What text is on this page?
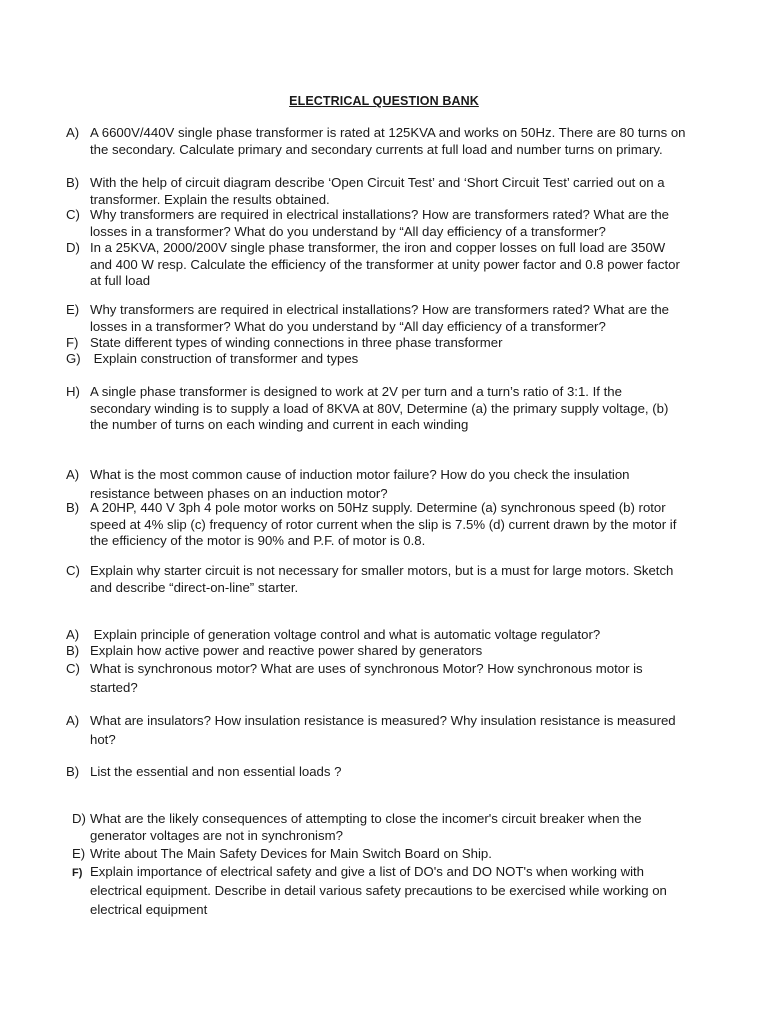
ELECTRICAL QUESTION BANK
A) A 6600V/440V single phase transformer is rated at 125KVA and works on 50Hz. There are 80 turns on the secondary. Calculate primary and secondary currents at full load and number turns on primary.
B) With the help of circuit diagram describe ‘Open Circuit Test’ and ‘Short Circuit Test’ carried out on a transformer. Explain the results obtained.
C) Why transformers are required in electrical installations? How are transformers rated? What are the losses in a transformer? What do you understand by “All day efficiency of a transformer?
D) In a 25KVA, 2000/200V single phase transformer, the iron and copper losses on full load are 350W and 400 W resp. Calculate the efficiency of the transformer at unity power factor and 0.8 power factor at full load
E) Why transformers are required in electrical installations? How are transformers rated? What are the losses in a transformer? What do you understand by “All day efficiency of a transformer?
F) State different types of winding connections in three phase transformer
G) Explain construction of transformer and types
H) A single phase transformer is designed to work at 2V per turn and a turn’s ratio of 3:1. If the secondary winding is to supply a load of 8KVA at 80V, Determine (a) the primary supply voltage, (b) the number of turns on each winding and current in each winding
A) What is the most common cause of induction motor failure? How do you check the insulation resistance between phases on an induction motor?
B) A 20HP, 440 V 3ph 4 pole motor works on 50Hz supply. Determine (a) synchronous speed (b) rotor speed at 4% slip (c) frequency of rotor current when the slip is 7.5% (d) current drawn by the motor if the efficiency of the motor is 90% and P.F. of motor is 0.8.
C) Explain why starter circuit is not necessary for smaller motors, but is a must for large motors. Sketch and describe “direct-on-line” starter.
A) Explain principle of generation voltage control and what is automatic voltage regulator?
B) Explain how active power and reactive power shared by generators
C) What is synchronous motor? What are uses of synchronous Motor? How synchronous motor is started?
A) What are insulators? How insulation resistance is measured? Why insulation resistance is measured hot?
B) List the essential and non essential loads ?
D) What are the likely consequences of attempting to close the incomer's circuit breaker when the generator voltages are not in synchronism?
E) Write about The Main Safety Devices for Main Switch Board on Ship.
F) Explain importance of electrical safety and give a list of DO's and DO NOT's when working with electrical equipment. Describe in detail various safety precautions to be exercised while working on electrical equipment
